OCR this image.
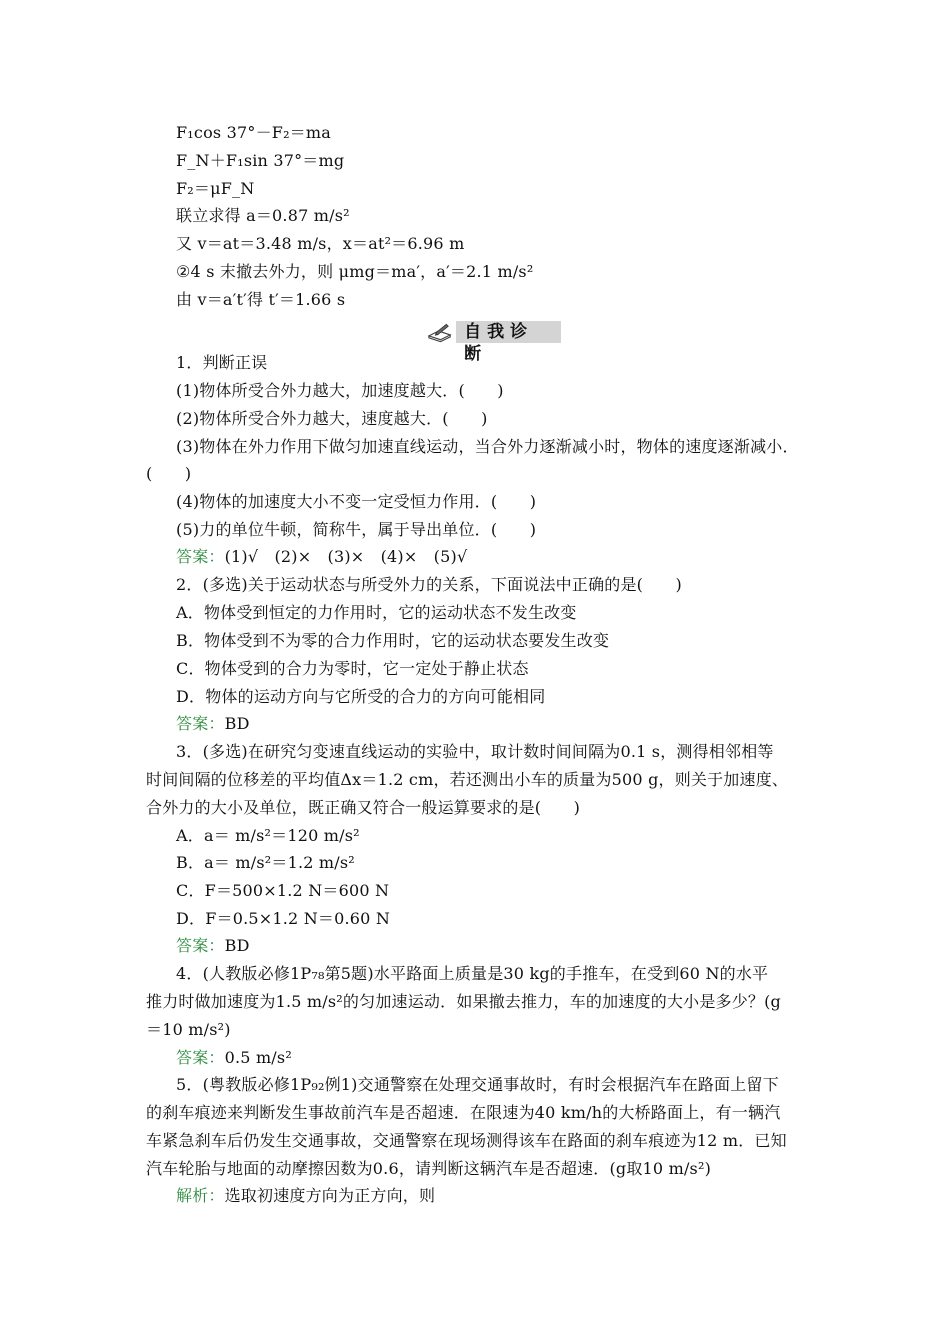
自我诊断
F₁cos 37°－F₂＝ma
F_N＋F₁sin 37°＝mg
F₂＝μF_N
联立求得 a＝0.87 m/s²
又 v＝at＝3.48 m/s，x＝at²＝6.96 m
②4 s 末撤去外力，则 μmg＝ma′，a′＝2.1 m/s²
由 v＝a′t′得 t′＝1.66 s
1．判断正误
(1)物体所受合外力越大，加速度越大．(　　)
(2)物体所受合外力越大，速度越大．(　　)
(3)物体在外力作用下做匀加速直线运动，当合外力逐渐减小时，物体的速度逐渐减小．
(　　)
(4)物体的加速度大小不变一定受恒力作用．(　　)
(5)力的单位牛顿，简称牛，属于导出单位．(　　)
答案：(1)√　(2)×　(3)×　(4)×　(5)√
2．(多选)关于运动状态与所受外力的关系，下面说法中正确的是(　　)
A．物体受到恒定的力作用时，它的运动状态不发生改变
B．物体受到不为零的合力作用时，它的运动状态要发生改变
C．物体受到的合力为零时，它一定处于静止状态
D．物体的运动方向与它所受的合力的方向可能相同
答案：BD
3．(多选)在研究匀变速直线运动的实验中，取计数时间间隔为0.1 s，测得相邻相等
时间间隔的位移差的平均值Δx＝1.2 cm，若还测出小车的质量为500 g，则关于加速度、
合外力的大小及单位，既正确又符合一般运算要求的是(　　)
A．a＝ m/s²＝120 m/s²
B．a＝ m/s²＝1.2 m/s²
C．F＝500×1.2 N＝600 N
D．F＝0.5×1.2 N＝0.60 N
答案：BD
4．(人教版必修1P₇₈第5题)水平路面上质量是30 kg的手推车，在受到60 N的水平
推力时做加速度为1.5 m/s²的匀加速运动．如果撤去推力，车的加速度的大小是多少？(g
＝10 m/s²)
答案：0.5 m/s²
5．(粤教版必修1P₉₂例1)交通警察在处理交通事故时，有时会根据汽车在路面上留下
的刹车痕迹来判断发生事故前汽车是否超速．在限速为40 km/h的大桥路面上，有一辆汽
车紧急刹车后仍发生交通事故，交通警察在现场测得该车在路面的刹车痕迹为12 m．已知
汽车轮胎与地面的动摩擦因数为0.6，请判断这辆汽车是否超速．(g取10 m/s²)
解析：选取初速度方向为正方向，则
